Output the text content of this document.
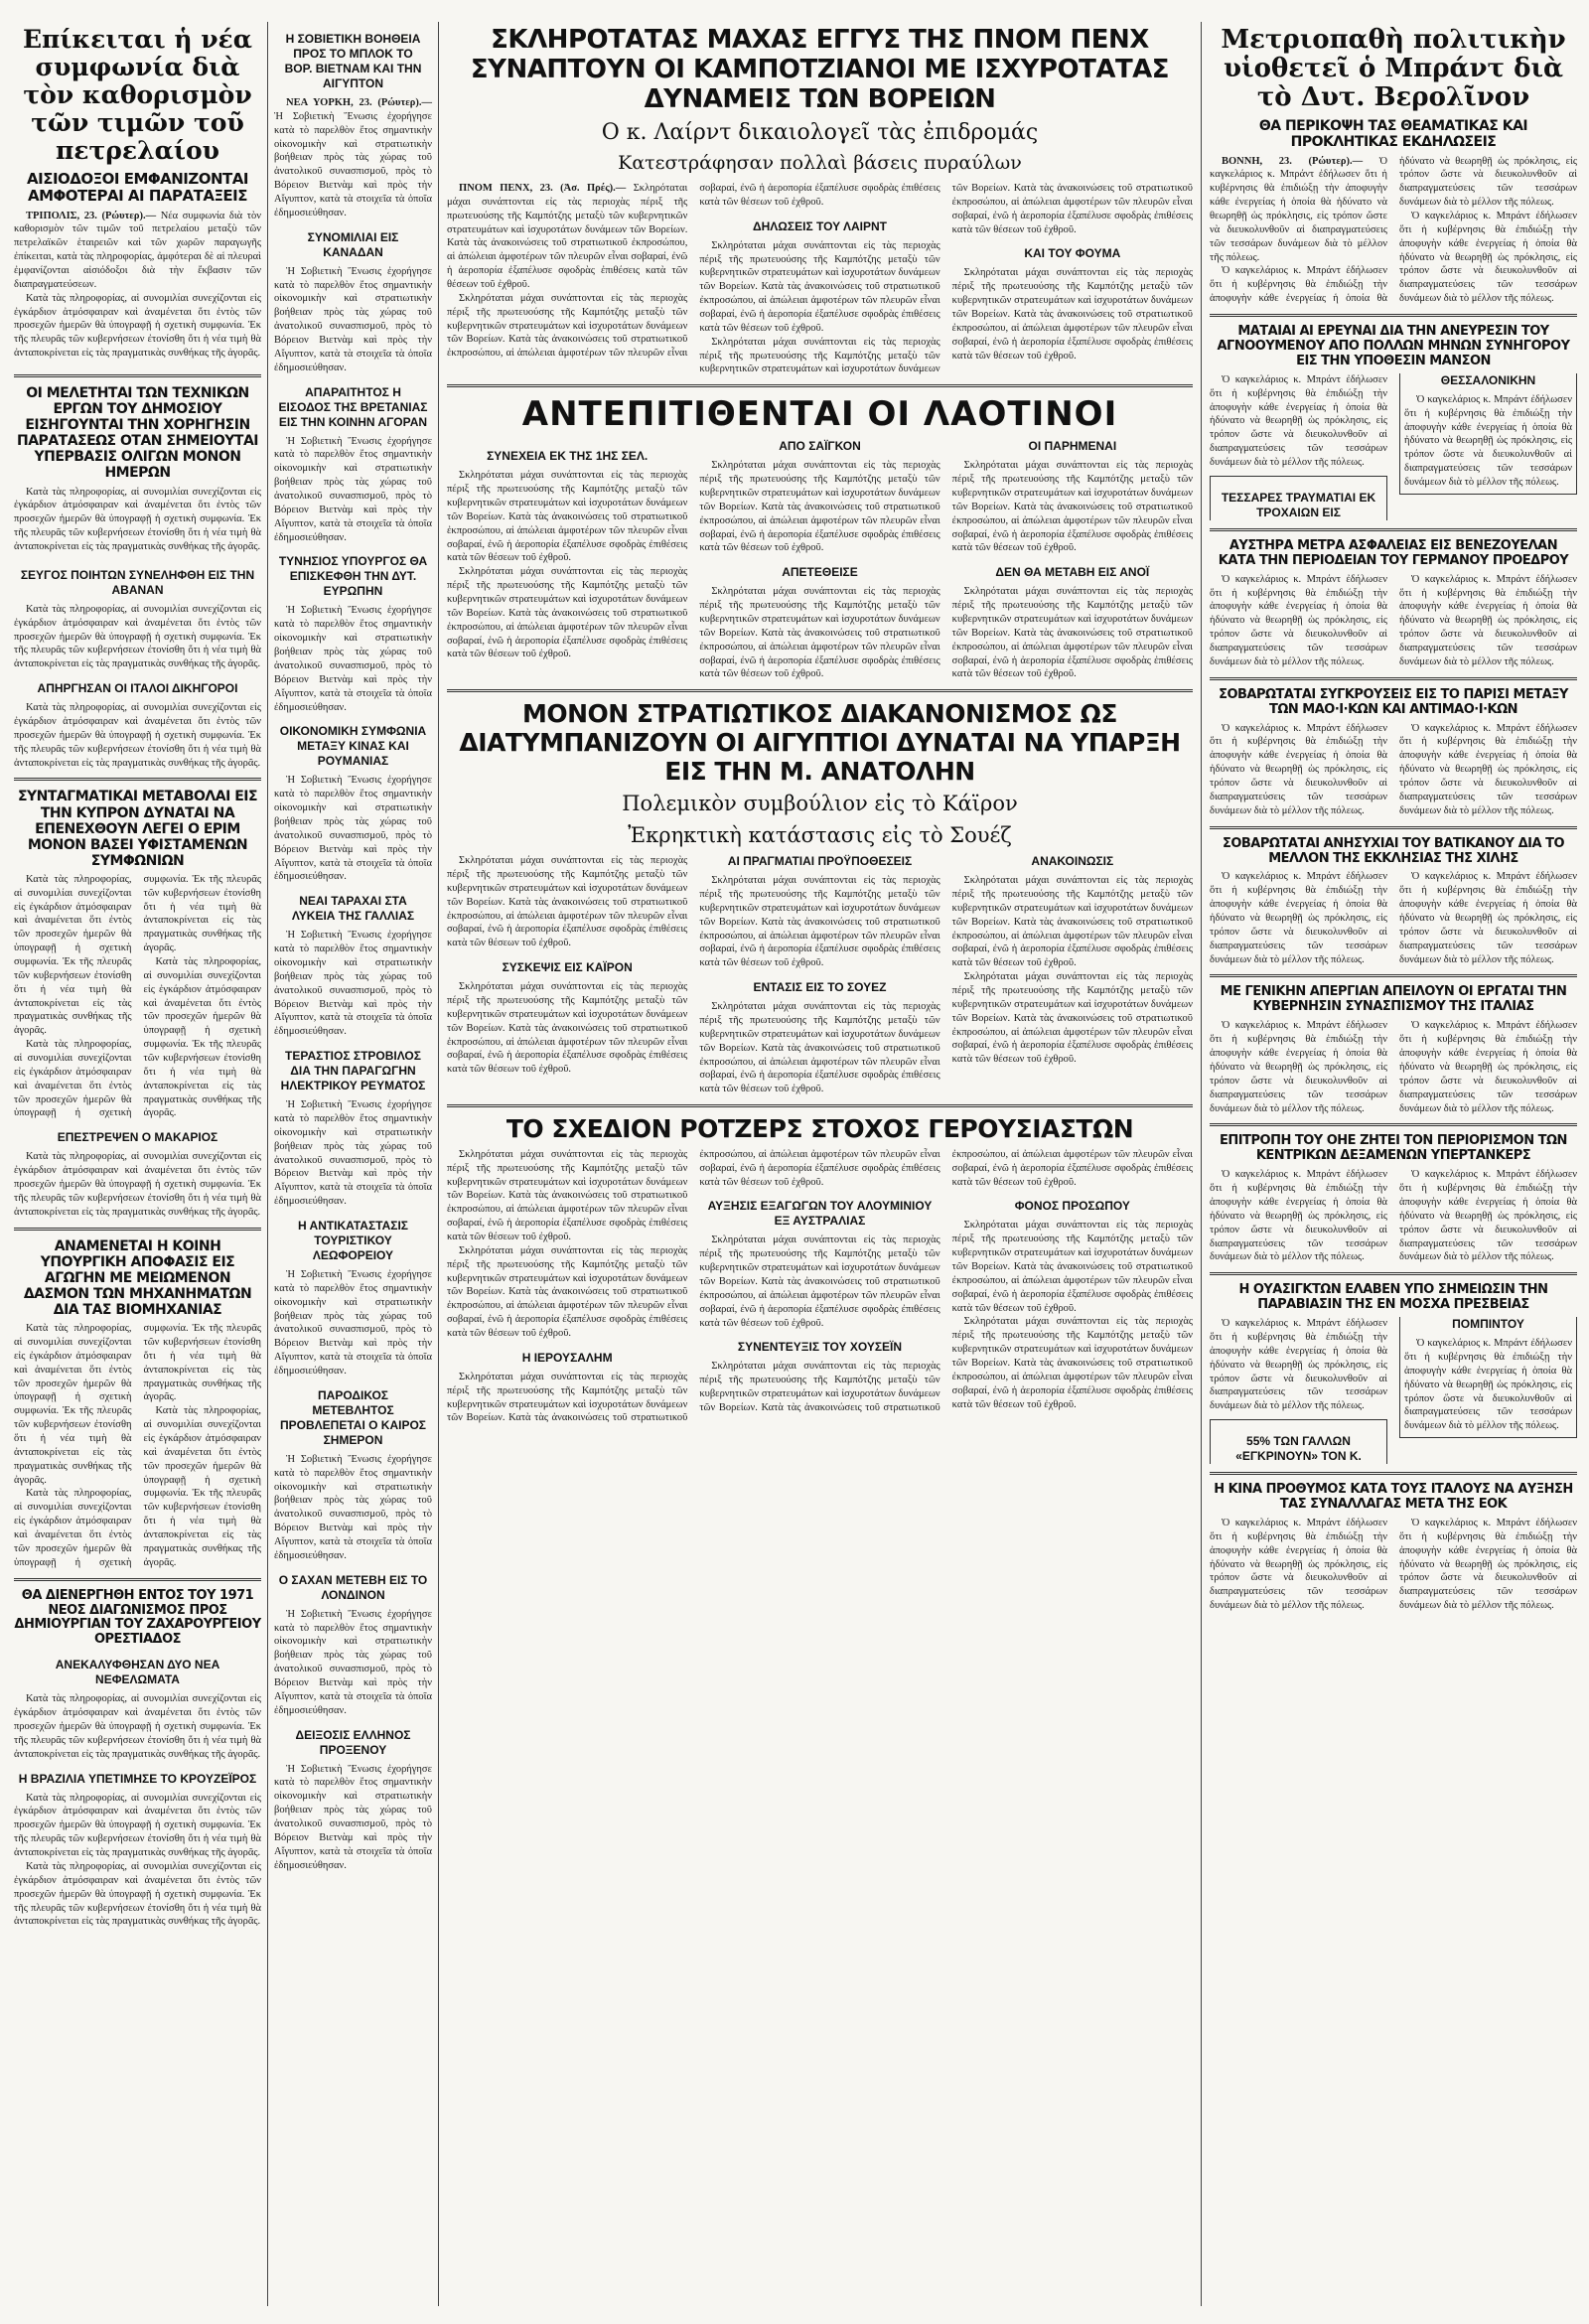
Επίκειται ἡ νέα συμφωνία διὰ τὸν καθορισμὸν τῶν τιμῶν τοῦ πετρελαίου
ΑΙΣΙΟΔΟΞΟΙ ΕΜΦΑΝΙΖΟΝΤΑΙ ΑΜΦΟΤΕΡΑΙ ΑΙ ΠΑΡΑΤΑΞΕΙΣ

ΤΡΙΠΟΛΙΣ, 23. (Ρώυτερ).— Νέα συμφωνία διὰ τὸν καθορισμὸν τῶν τιμῶν τοῦ πετρελαίου μεταξὺ τῶν πετρελαϊκῶν ἑταιρειῶν καὶ τῶν χωρῶν παραγωγῆς ἐπίκειται, κατὰ τὰς πληροφορίας, ἀμφότεραι δὲ αἱ πλευραὶ ἐμφανίζονται αἰσιόδοξοι διὰ τὴν ἔκβασιν τῶν διαπραγματεύσεων.

Κατὰ τὰς πληροφορίας, αἱ συνομιλίαι συνεχίζονται εἰς ἐγκάρδιον ἀτμόσφαιραν καὶ ἀναμένεται ὅτι ἐντὸς τῶν προσεχῶν ἡμερῶν θὰ ὑπογραφῇ ἡ σχετικὴ συμφωνία. Ἐκ τῆς πλευρᾶς τῶν κυβερνήσεων ἐτονίσθη ὅτι ἡ νέα τιμὴ θὰ ἀνταποκρίνεται εἰς τὰς πραγματικὰς συνθήκας τῆς ἀγορᾶς.

ΟΙ ΜΕΛΕΤΗΤΑΙ ΤΩΝ ΤΕΧΝΙΚΩΝ ΕΡΓΩΝ ΤΟΥ ΔΗΜΟΣΙΟΥ ΕΙΣΗΓΟΥΝΤΑΙ ΤΗΝ ΧΟΡΗΓΗΣΙΝ ΠΑΡΑΤΑΣΕΩΣ ΟΤΑΝ ΣΗΜΕΙΟΥΤΑΙ ΥΠΕΡΒΑΣΙΣ ΟΛΙΓΩΝ ΜΟΝΟΝ ΗΜΕΡΩΝ

Κατὰ τὰς πληροφορίας, αἱ συνομιλίαι συνεχίζονται εἰς ἐγκάρδιον ἀτμόσφαιραν καὶ ἀναμένεται ὅτι ἐντὸς τῶν προσεχῶν ἡμερῶν θὰ ὑπογραφῇ ἡ σχετικὴ συμφωνία. Ἐκ τῆς πλευρᾶς τῶν κυβερνήσεων ἐτονίσθη ὅτι ἡ νέα τιμὴ θὰ ἀνταποκρίνεται εἰς τὰς πραγματικὰς συνθήκας τῆς ἀγορᾶς.

ΣΕΥΓΟΣ ΠΟΙΗΤΩΝ ΣΥΝΕΛΗΦΘΗ ΕΙΣ ΤΗΝ ΑΒΑΝΑΝ

Κατὰ τὰς πληροφορίας, αἱ συνομιλίαι συνεχίζονται εἰς ἐγκάρδιον ἀτμόσφαιραν καὶ ἀναμένεται ὅτι ἐντὸς τῶν προσεχῶν ἡμερῶν θὰ ὑπογραφῇ ἡ σχετικὴ συμφωνία. Ἐκ τῆς πλευρᾶς τῶν κυβερνήσεων ἐτονίσθη ὅτι ἡ νέα τιμὴ θὰ ἀνταποκρίνεται εἰς τὰς πραγματικὰς συνθήκας τῆς ἀγορᾶς.

ΑΠΗΡΓΗΣΑΝ ΟΙ ΙΤΑΛΟΙ ΔΙΚΗΓΟΡΟΙ

Κατὰ τὰς πληροφορίας, αἱ συνομιλίαι συνεχίζονται εἰς ἐγκάρδιον ἀτμόσφαιραν καὶ ἀναμένεται ὅτι ἐντὸς τῶν προσεχῶν ἡμερῶν θὰ ὑπογραφῇ ἡ σχετικὴ συμφωνία. Ἐκ τῆς πλευρᾶς τῶν κυβερνήσεων ἐτονίσθη ὅτι ἡ νέα τιμὴ θὰ ἀνταποκρίνεται εἰς τὰς πραγματικὰς συνθήκας τῆς ἀγορᾶς.

ΣΥΝΤΑΓΜΑΤΙΚΑΙ ΜΕΤΑΒΟΛΑΙ ΕΙΣ ΤΗΝ ΚΥΠΡΟΝ ΔΥΝΑΤΑΙ ΝΑ ΕΠΕΝΕΧΘΟΥΝ ΛΕΓΕΙ Ο ΕΡΙΜ ΜΟΝΟΝ ΒΑΣΕΙ ΥΦΙΣΤΑΜΕΝΩΝ ΣΥΜΦΩΝΙΩΝ

Κατὰ τὰς πληροφορίας, αἱ συνομιλίαι συνεχίζονται εἰς ἐγκάρδιον ἀτμόσφαιραν καὶ ἀναμένεται ὅτι ἐντὸς τῶν προσεχῶν ἡμερῶν θὰ ὑπογραφῇ ἡ σχετικὴ συμφωνία. Ἐκ τῆς πλευρᾶς τῶν κυβερνήσεων ἐτονίσθη ὅτι ἡ νέα τιμὴ θὰ ἀνταποκρίνεται εἰς τὰς πραγματικὰς συνθήκας τῆς ἀγορᾶς.

Κατὰ τὰς πληροφορίας, αἱ συνομιλίαι συνεχίζονται εἰς ἐγκάρδιον ἀτμόσφαιραν καὶ ἀναμένεται ὅτι ἐντὸς τῶν προσεχῶν ἡμερῶν θὰ ὑπογραφῇ ἡ σχετικὴ συμφωνία. Ἐκ τῆς πλευρᾶς τῶν κυβερνήσεων ἐτονίσθη ὅτι ἡ νέα τιμὴ θὰ ἀνταποκρίνεται εἰς τὰς πραγματικὰς συνθήκας τῆς ἀγορᾶς.

Κατὰ τὰς πληροφορίας, αἱ συνομιλίαι συνεχίζονται εἰς ἐγκάρδιον ἀτμόσφαιραν καὶ ἀναμένεται ὅτι ἐντὸς τῶν προσεχῶν ἡμερῶν θὰ ὑπογραφῇ ἡ σχετικὴ συμφωνία. Ἐκ τῆς πλευρᾶς τῶν κυβερνήσεων ἐτονίσθη ὅτι ἡ νέα τιμὴ θὰ ἀνταποκρίνεται εἰς τὰς πραγματικὰς συνθήκας τῆς ἀγορᾶς.

ΕΠΕΣΤΡΕΨΕΝ Ο ΜΑΚΑΡΙΟΣ

Κατὰ τὰς πληροφορίας, αἱ συνομιλίαι συνεχίζονται εἰς ἐγκάρδιον ἀτμόσφαιραν καὶ ἀναμένεται ὅτι ἐντὸς τῶν προσεχῶν ἡμερῶν θὰ ὑπογραφῇ ἡ σχετικὴ συμφωνία. Ἐκ τῆς πλευρᾶς τῶν κυβερνήσεων ἐτονίσθη ὅτι ἡ νέα τιμὴ θὰ ἀνταποκρίνεται εἰς τὰς πραγματικὰς συνθήκας τῆς ἀγορᾶς.

ΑΝΑΜΕΝΕΤΑΙ Η ΚΟΙΝΗ ΥΠΟΥΡΓΙΚΗ ΑΠΟΦΑΣΙΣ ΕΙΣ ΑΓΩΓΗΝ ΜΕ ΜΕΙΩΜΕΝΟΝ ΔΑΣΜΟΝ ΤΩΝ ΜΗΧΑΝΗΜΑΤΩΝ ΔΙΑ ΤΑΣ ΒΙΟΜΗΧΑΝΙΑΣ

Κατὰ τὰς πληροφορίας, αἱ συνομιλίαι συνεχίζονται εἰς ἐγκάρδιον ἀτμόσφαιραν καὶ ἀναμένεται ὅτι ἐντὸς τῶν προσεχῶν ἡμερῶν θὰ ὑπογραφῇ ἡ σχετικὴ συμφωνία. Ἐκ τῆς πλευρᾶς τῶν κυβερνήσεων ἐτονίσθη ὅτι ἡ νέα τιμὴ θὰ ἀνταποκρίνεται εἰς τὰς πραγματικὰς συνθήκας τῆς ἀγορᾶς.

Κατὰ τὰς πληροφορίας, αἱ συνομιλίαι συνεχίζονται εἰς ἐγκάρδιον ἀτμόσφαιραν καὶ ἀναμένεται ὅτι ἐντὸς τῶν προσεχῶν ἡμερῶν θὰ ὑπογραφῇ ἡ σχετικὴ συμφωνία. Ἐκ τῆς πλευρᾶς τῶν κυβερνήσεων ἐτονίσθη ὅτι ἡ νέα τιμὴ θὰ ἀνταποκρίνεται εἰς τὰς πραγματικὰς συνθήκας τῆς ἀγορᾶς.

Κατὰ τὰς πληροφορίας, αἱ συνομιλίαι συνεχίζονται εἰς ἐγκάρδιον ἀτμόσφαιραν καὶ ἀναμένεται ὅτι ἐντὸς τῶν προσεχῶν ἡμερῶν θὰ ὑπογραφῇ ἡ σχετικὴ συμφωνία. Ἐκ τῆς πλευρᾶς τῶν κυβερνήσεων ἐτονίσθη ὅτι ἡ νέα τιμὴ θὰ ἀνταποκρίνεται εἰς τὰς πραγματικὰς συνθήκας τῆς ἀγορᾶς.

ΘΑ ΔΙΕΝΕΡΓΗΘΗ ΕΝΤΟΣ ΤΟΥ 1971 ΝΕΟΣ ΔΙΑΓΩΝΙΣΜΟΣ ΠΡΟΣ ΔΗΜΙΟΥΡΓΙΑΝ ΤΟΥ ΖΑΧΑΡΟΥΡΓΕΙΟΥ ΟΡΕΣΤΙΑΔΟΣ
ΑΝΕΚΑΛΥΦΘΗΣΑΝ ΔΥΟ ΝΕΑ ΝΕΦΕΛΩΜΑΤΑ

Κατὰ τὰς πληροφορίας, αἱ συνομιλίαι συνεχίζονται εἰς ἐγκάρδιον ἀτμόσφαιραν καὶ ἀναμένεται ὅτι ἐντὸς τῶν προσεχῶν ἡμερῶν θὰ ὑπογραφῇ ἡ σχετικὴ συμφωνία. Ἐκ τῆς πλευρᾶς τῶν κυβερνήσεων ἐτονίσθη ὅτι ἡ νέα τιμὴ θὰ ἀνταποκρίνεται εἰς τὰς πραγματικὰς συνθήκας τῆς ἀγορᾶς.

Η ΒΡΑΖΙΛΙΑ ΥΠΕΤΙΜΗΣΕ ΤΟ ΚΡΟΥΖΕΪΡΟΣ

Κατὰ τὰς πληροφορίας, αἱ συνομιλίαι συνεχίζονται εἰς ἐγκάρδιον ἀτμόσφαιραν καὶ ἀναμένεται ὅτι ἐντὸς τῶν προσεχῶν ἡμερῶν θὰ ὑπογραφῇ ἡ σχετικὴ συμφωνία. Ἐκ τῆς πλευρᾶς τῶν κυβερνήσεων ἐτονίσθη ὅτι ἡ νέα τιμὴ θὰ ἀνταποκρίνεται εἰς τὰς πραγματικὰς συνθήκας τῆς ἀγορᾶς.

Κατὰ τὰς πληροφορίας, αἱ συνομιλίαι συνεχίζονται εἰς ἐγκάρδιον ἀτμόσφαιραν καὶ ἀναμένεται ὅτι ἐντὸς τῶν προσεχῶν ἡμερῶν θὰ ὑπογραφῇ ἡ σχετικὴ συμφωνία. Ἐκ τῆς πλευρᾶς τῶν κυβερνήσεων ἐτονίσθη ὅτι ἡ νέα τιμὴ θὰ ἀνταποκρίνεται εἰς τὰς πραγματικὰς συνθήκας τῆς ἀγορᾶς.

Η ΣΟΒΙΕΤΙΚΗ ΒΟΗΘΕΙΑ ΠΡΟΣ ΤΟ ΜΠΛΟΚ ΤΟ ΒΟΡ. ΒΙΕΤΝΑΜ ΚΑΙ ΤΗΝ ΑΙΓΥΠΤΟΝ

ΝΕΑ ΥΟΡΚΗ, 23. (Ρώυτερ).— Ἡ Σοβιετικὴ Ἕνωσις ἐχορήγησε κατὰ τὸ παρελθὸν ἔτος σημαντικὴν οἰκονομικὴν καὶ στρατιωτικὴν βοήθειαν πρὸς τὰς χώρας τοῦ ἀνατολικοῦ συνασπισμοῦ, πρὸς τὸ Βόρειον Βιετνὰμ καὶ πρὸς τὴν Αἴγυπτον, κατὰ τὰ στοιχεῖα τὰ ὁποῖα ἐδημοσιεύθησαν.

ΣΥΝΟΜΙΛΙΑΙ ΕΙΣ ΚΑΝΑΔΑΝ

Ἡ Σοβιετικὴ Ἕνωσις ἐχορήγησε κατὰ τὸ παρελθὸν ἔτος σημαντικὴν οἰκονομικὴν καὶ στρατιωτικὴν βοήθειαν πρὸς τὰς χώρας τοῦ ἀνατολικοῦ συνασπισμοῦ, πρὸς τὸ Βόρειον Βιετνὰμ καὶ πρὸς τὴν Αἴγυπτον, κατὰ τὰ στοιχεῖα τὰ ὁποῖα ἐδημοσιεύθησαν.

ΑΠΑΡΑΙΤΗΤΟΣ Η ΕΙΣΟΔΟΣ ΤΗΣ ΒΡΕΤΑΝΙΑΣ ΕΙΣ ΤΗΝ ΚΟΙΝΗΝ ΑΓΟΡΑΝ

Ἡ Σοβιετικὴ Ἕνωσις ἐχορήγησε κατὰ τὸ παρελθὸν ἔτος σημαντικὴν οἰκονομικὴν καὶ στρατιωτικὴν βοήθειαν πρὸς τὰς χώρας τοῦ ἀνατολικοῦ συνασπισμοῦ, πρὸς τὸ Βόρειον Βιετνὰμ καὶ πρὸς τὴν Αἴγυπτον, κατὰ τὰ στοιχεῖα τὰ ὁποῖα ἐδημοσιεύθησαν.

ΤΥΝΗΣΙΟΣ ΥΠΟΥΡΓΟΣ ΘΑ ΕΠΙΣΚΕΦΘΗ ΤΗΝ ΔΥΤ. ΕΥΡΩΠΗΝ

Ἡ Σοβιετικὴ Ἕνωσις ἐχορήγησε κατὰ τὸ παρελθὸν ἔτος σημαντικὴν οἰκονομικὴν καὶ στρατιωτικὴν βοήθειαν πρὸς τὰς χώρας τοῦ ἀνατολικοῦ συνασπισμοῦ, πρὸς τὸ Βόρειον Βιετνὰμ καὶ πρὸς τὴν Αἴγυπτον, κατὰ τὰ στοιχεῖα τὰ ὁποῖα ἐδημοσιεύθησαν.

ΟΙΚΟΝΟΜΙΚΗ ΣΥΜΦΩΝΙΑ ΜΕΤΑΞΥ ΚΙΝΑΣ ΚΑΙ ΡΟΥΜΑΝΙΑΣ

Ἡ Σοβιετικὴ Ἕνωσις ἐχορήγησε κατὰ τὸ παρελθὸν ἔτος σημαντικὴν οἰκονομικὴν καὶ στρατιωτικὴν βοήθειαν πρὸς τὰς χώρας τοῦ ἀνατολικοῦ συνασπισμοῦ, πρὸς τὸ Βόρειον Βιετνὰμ καὶ πρὸς τὴν Αἴγυπτον, κατὰ τὰ στοιχεῖα τὰ ὁποῖα ἐδημοσιεύθησαν.

ΝΕΑΙ ΤΑΡΑΧΑΙ ΣΤΑ ΛΥΚΕΙΑ ΤΗΣ ΓΑΛΛΙΑΣ

Ἡ Σοβιετικὴ Ἕνωσις ἐχορήγησε κατὰ τὸ παρελθὸν ἔτος σημαντικὴν οἰκονομικὴν καὶ στρατιωτικὴν βοήθειαν πρὸς τὰς χώρας τοῦ ἀνατολικοῦ συνασπισμοῦ, πρὸς τὸ Βόρειον Βιετνὰμ καὶ πρὸς τὴν Αἴγυπτον, κατὰ τὰ στοιχεῖα τὰ ὁποῖα ἐδημοσιεύθησαν.

ΤΕΡΑΣΤΙΟΣ ΣΤΡΟΒΙΛΟΣ ΔΙΑ ΤΗΝ ΠΑΡΑΓΩΓΗΝ ΗΛΕΚΤΡΙΚΟΥ ΡΕΥΜΑΤΟΣ

Ἡ Σοβιετικὴ Ἕνωσις ἐχορήγησε κατὰ τὸ παρελθὸν ἔτος σημαντικὴν οἰκονομικὴν καὶ στρατιωτικὴν βοήθειαν πρὸς τὰς χώρας τοῦ ἀνατολικοῦ συνασπισμοῦ, πρὸς τὸ Βόρειον Βιετνὰμ καὶ πρὸς τὴν Αἴγυπτον, κατὰ τὰ στοιχεῖα τὰ ὁποῖα ἐδημοσιεύθησαν.

Η ΑΝΤΙΚΑΤΑΣΤΑΣΙΣ ΤΟΥΡΙΣΤΙΚΟΥ ΛΕΩΦΟΡΕΙΟΥ

Ἡ Σοβιετικὴ Ἕνωσις ἐχορήγησε κατὰ τὸ παρελθὸν ἔτος σημαντικὴν οἰκονομικὴν καὶ στρατιωτικὴν βοήθειαν πρὸς τὰς χώρας τοῦ ἀνατολικοῦ συνασπισμοῦ, πρὸς τὸ Βόρειον Βιετνὰμ καὶ πρὸς τὴν Αἴγυπτον, κατὰ τὰ στοιχεῖα τὰ ὁποῖα ἐδημοσιεύθησαν.

ΠΑΡΟΔΙΚΟΣ ΜΕΤΕΒΛΗΤΟΣ ΠΡΟΒΛΕΠΕΤΑΙ Ο ΚΑΙΡΟΣ ΣΗΜΕΡΟΝ

Ἡ Σοβιετικὴ Ἕνωσις ἐχορήγησε κατὰ τὸ παρελθὸν ἔτος σημαντικὴν οἰκονομικὴν καὶ στρατιωτικὴν βοήθειαν πρὸς τὰς χώρας τοῦ ἀνατολικοῦ συνασπισμοῦ, πρὸς τὸ Βόρειον Βιετνὰμ καὶ πρὸς τὴν Αἴγυπτον, κατὰ τὰ στοιχεῖα τὰ ὁποῖα ἐδημοσιεύθησαν.

Ο ΣΑΧΑΝ ΜΕΤΕΒΗ ΕΙΣ ΤΟ ΛΟΝΔΙΝΟΝ

Ἡ Σοβιετικὴ Ἕνωσις ἐχορήγησε κατὰ τὸ παρελθὸν ἔτος σημαντικὴν οἰκονομικὴν καὶ στρατιωτικὴν βοήθειαν πρὸς τὰς χώρας τοῦ ἀνατολικοῦ συνασπισμοῦ, πρὸς τὸ Βόρειον Βιετνὰμ καὶ πρὸς τὴν Αἴγυπτον, κατὰ τὰ στοιχεῖα τὰ ὁποῖα ἐδημοσιεύθησαν.

ΔΕΙΞΟΣΙΣ ΕΛΛΗΝΟΣ ΠΡΟΞΕΝΟΥ

Ἡ Σοβιετικὴ Ἕνωσις ἐχορήγησε κατὰ τὸ παρελθὸν ἔτος σημαντικὴν οἰκονομικὴν καὶ στρατιωτικὴν βοήθειαν πρὸς τὰς χώρας τοῦ ἀνατολικοῦ συνασπισμοῦ, πρὸς τὸ Βόρειον Βιετνὰμ καὶ πρὸς τὴν Αἴγυπτον, κατὰ τὰ στοιχεῖα τὰ ὁποῖα ἐδημοσιεύθησαν.

ΣΚΛΗΡΟΤΑΤΑΣ ΜΑΧΑΣ ΕΓΓΥΣ ΤΗΣ ΠΝΟΜ ΠΕΝΧ ΣΥΝΑΠΤΟΥΝ ΟΙ ΚΑΜΠΟΤΖΙΑΝΟΙ ΜΕ ΙΣΧΥΡΟΤΑΤΑΣ ΔΥΝΑΜΕΙΣ ΤΩΝ ΒΟΡΕΙΩΝ
Ο κ. Λαίρντ δικαιολογεῖ τὰς ἐπιδρομάς
Κατεστράφησαν πολλαὶ βάσεις πυραύλων

ΠΝΟΜ ΠΕΝΧ, 23. (Ἀσ. Πρές).— Σκληρόταται μάχαι συνάπτονται εἰς τὰς περιοχὰς πέριξ τῆς πρωτευούσης τῆς Καμπότζης μεταξὺ τῶν κυβερνητικῶν στρατευμάτων καὶ ἰσχυροτάτων δυνάμεων τῶν Βορείων. Κατὰ τὰς ἀνακοινώσεις τοῦ στρατιωτικοῦ ἐκπροσώπου, αἱ ἀπώλειαι ἀμφοτέρων τῶν πλευρῶν εἶναι σοβαραί, ἐνῶ ἡ ἀεροπορία ἐξαπέλυσε σφοδρὰς ἐπιθέσεις κατὰ τῶν θέσεων τοῦ ἐχθροῦ.

Σκληρόταται μάχαι συνάπτονται εἰς τὰς περιοχὰς πέριξ τῆς πρωτευούσης τῆς Καμπότζης μεταξὺ τῶν κυβερνητικῶν στρατευμάτων καὶ ἰσχυροτάτων δυνάμεων τῶν Βορείων. Κατὰ τὰς ἀνακοινώσεις τοῦ στρατιωτικοῦ ἐκπροσώπου, αἱ ἀπώλειαι ἀμφοτέρων τῶν πλευρῶν εἶναι σοβαραί, ἐνῶ ἡ ἀεροπορία ἐξαπέλυσε σφοδρὰς ἐπιθέσεις κατὰ τῶν θέσεων τοῦ ἐχθροῦ.

ΔΗΛΩΣΕΙΣ ΤΟΥ ΛΑΙΡΝΤ

Σκληρόταται μάχαι συνάπτονται εἰς τὰς περιοχὰς πέριξ τῆς πρωτευούσης τῆς Καμπότζης μεταξὺ τῶν κυβερνητικῶν στρατευμάτων καὶ ἰσχυροτάτων δυνάμεων τῶν Βορείων. Κατὰ τὰς ἀνακοινώσεις τοῦ στρατιωτικοῦ ἐκπροσώπου, αἱ ἀπώλειαι ἀμφοτέρων τῶν πλευρῶν εἶναι σοβαραί, ἐνῶ ἡ ἀεροπορία ἐξαπέλυσε σφοδρὰς ἐπιθέσεις κατὰ τῶν θέσεων τοῦ ἐχθροῦ.

Σκληρόταται μάχαι συνάπτονται εἰς τὰς περιοχὰς πέριξ τῆς πρωτευούσης τῆς Καμπότζης μεταξὺ τῶν κυβερνητικῶν στρατευμάτων καὶ ἰσχυροτάτων δυνάμεων τῶν Βορείων. Κατὰ τὰς ἀνακοινώσεις τοῦ στρατιωτικοῦ ἐκπροσώπου, αἱ ἀπώλειαι ἀμφοτέρων τῶν πλευρῶν εἶναι σοβαραί, ἐνῶ ἡ ἀεροπορία ἐξαπέλυσε σφοδρὰς ἐπιθέσεις κατὰ τῶν θέσεων τοῦ ἐχθροῦ.

ΚΑΙ ΤΟΥ ΦΟΥΜΑ

Σκληρόταται μάχαι συνάπτονται εἰς τὰς περιοχὰς πέριξ τῆς πρωτευούσης τῆς Καμπότζης μεταξὺ τῶν κυβερνητικῶν στρατευμάτων καὶ ἰσχυροτάτων δυνάμεων τῶν Βορείων. Κατὰ τὰς ἀνακοινώσεις τοῦ στρατιωτικοῦ ἐκπροσώπου, αἱ ἀπώλειαι ἀμφοτέρων τῶν πλευρῶν εἶναι σοβαραί, ἐνῶ ἡ ἀεροπορία ἐξαπέλυσε σφοδρὰς ἐπιθέσεις κατὰ τῶν θέσεων τοῦ ἐχθροῦ.

ΑΝΤΕΠΙΤΙΘΕΝΤΑΙ ΟΙ ΛΑΟΤΙΝΟΙ
ΣΥΝΕΧΕΙΑ ΕΚ ΤΗΣ 1ΗΣ ΣΕΛ.

Σκληρόταται μάχαι συνάπτονται εἰς τὰς περιοχὰς πέριξ τῆς πρωτευούσης τῆς Καμπότζης μεταξὺ τῶν κυβερνητικῶν στρατευμάτων καὶ ἰσχυροτάτων δυνάμεων τῶν Βορείων. Κατὰ τὰς ἀνακοινώσεις τοῦ στρατιωτικοῦ ἐκπροσώπου, αἱ ἀπώλειαι ἀμφοτέρων τῶν πλευρῶν εἶναι σοβαραί, ἐνῶ ἡ ἀεροπορία ἐξαπέλυσε σφοδρὰς ἐπιθέσεις κατὰ τῶν θέσεων τοῦ ἐχθροῦ.

Σκληρόταται μάχαι συνάπτονται εἰς τὰς περιοχὰς πέριξ τῆς πρωτευούσης τῆς Καμπότζης μεταξὺ τῶν κυβερνητικῶν στρατευμάτων καὶ ἰσχυροτάτων δυνάμεων τῶν Βορείων. Κατὰ τὰς ἀνακοινώσεις τοῦ στρατιωτικοῦ ἐκπροσώπου, αἱ ἀπώλειαι ἀμφοτέρων τῶν πλευρῶν εἶναι σοβαραί, ἐνῶ ἡ ἀεροπορία ἐξαπέλυσε σφοδρὰς ἐπιθέσεις κατὰ τῶν θέσεων τοῦ ἐχθροῦ.

ΑΠΟ ΣΑΪΓΚΟΝ

Σκληρόταται μάχαι συνάπτονται εἰς τὰς περιοχὰς πέριξ τῆς πρωτευούσης τῆς Καμπότζης μεταξὺ τῶν κυβερνητικῶν στρατευμάτων καὶ ἰσχυροτάτων δυνάμεων τῶν Βορείων. Κατὰ τὰς ἀνακοινώσεις τοῦ στρατιωτικοῦ ἐκπροσώπου, αἱ ἀπώλειαι ἀμφοτέρων τῶν πλευρῶν εἶναι σοβαραί, ἐνῶ ἡ ἀεροπορία ἐξαπέλυσε σφοδρὰς ἐπιθέσεις κατὰ τῶν θέσεων τοῦ ἐχθροῦ.

ΑΠΕΤΕΘΕΙΣΕ

Σκληρόταται μάχαι συνάπτονται εἰς τὰς περιοχὰς πέριξ τῆς πρωτευούσης τῆς Καμπότζης μεταξὺ τῶν κυβερνητικῶν στρατευμάτων καὶ ἰσχυροτάτων δυνάμεων τῶν Βορείων. Κατὰ τὰς ἀνακοινώσεις τοῦ στρατιωτικοῦ ἐκπροσώπου, αἱ ἀπώλειαι ἀμφοτέρων τῶν πλευρῶν εἶναι σοβαραί, ἐνῶ ἡ ἀεροπορία ἐξαπέλυσε σφοδρὰς ἐπιθέσεις κατὰ τῶν θέσεων τοῦ ἐχθροῦ.

ΟΙ ΠΑΡΗΜΕΝΑΙ

Σκληρόταται μάχαι συνάπτονται εἰς τὰς περιοχὰς πέριξ τῆς πρωτευούσης τῆς Καμπότζης μεταξὺ τῶν κυβερνητικῶν στρατευμάτων καὶ ἰσχυροτάτων δυνάμεων τῶν Βορείων. Κατὰ τὰς ἀνακοινώσεις τοῦ στρατιωτικοῦ ἐκπροσώπου, αἱ ἀπώλειαι ἀμφοτέρων τῶν πλευρῶν εἶναι σοβαραί, ἐνῶ ἡ ἀεροπορία ἐξαπέλυσε σφοδρὰς ἐπιθέσεις κατὰ τῶν θέσεων τοῦ ἐχθροῦ.

ΔΕΝ ΘΑ ΜΕΤΑΒΗ ΕΙΣ ΑΝΟΪ

Σκληρόταται μάχαι συνάπτονται εἰς τὰς περιοχὰς πέριξ τῆς πρωτευούσης τῆς Καμπότζης μεταξὺ τῶν κυβερνητικῶν στρατευμάτων καὶ ἰσχυροτάτων δυνάμεων τῶν Βορείων. Κατὰ τὰς ἀνακοινώσεις τοῦ στρατιωτικοῦ ἐκπροσώπου, αἱ ἀπώλειαι ἀμφοτέρων τῶν πλευρῶν εἶναι σοβαραί, ἐνῶ ἡ ἀεροπορία ἐξαπέλυσε σφοδρὰς ἐπιθέσεις κατὰ τῶν θέσεων τοῦ ἐχθροῦ.

ΜΟΝΟΝ ΣΤΡΑΤΙΩΤΙΚΟΣ ΔΙΑΚΑΝΟΝΙΣΜΟΣ ΩΣ ΔΙΑΤΥΜΠΑΝΙΖΟΥΝ ΟΙ ΑΙΓΥΠΤΙΟΙ ΔΥΝΑΤΑΙ ΝΑ ΥΠΑΡΞΗ ΕΙΣ ΤΗΝ Μ. ΑΝΑΤΟΛΗΝ
Πολεμικὸν συμβούλιον εἰς τὸ Κάϊρον
Ἐκρηκτικὴ κατάστασις εἰς τὸ Σουέζ

Σκληρόταται μάχαι συνάπτονται εἰς τὰς περιοχὰς πέριξ τῆς πρωτευούσης τῆς Καμπότζης μεταξὺ τῶν κυβερνητικῶν στρατευμάτων καὶ ἰσχυροτάτων δυνάμεων τῶν Βορείων. Κατὰ τὰς ἀνακοινώσεις τοῦ στρατιωτικοῦ ἐκπροσώπου, αἱ ἀπώλειαι ἀμφοτέρων τῶν πλευρῶν εἶναι σοβαραί, ἐνῶ ἡ ἀεροπορία ἐξαπέλυσε σφοδρὰς ἐπιθέσεις κατὰ τῶν θέσεων τοῦ ἐχθροῦ.

ΣΥΣΚΕΨΙΣ ΕΙΣ ΚΑΪΡΟΝ

Σκληρόταται μάχαι συνάπτονται εἰς τὰς περιοχὰς πέριξ τῆς πρωτευούσης τῆς Καμπότζης μεταξὺ τῶν κυβερνητικῶν στρατευμάτων καὶ ἰσχυροτάτων δυνάμεων τῶν Βορείων. Κατὰ τὰς ἀνακοινώσεις τοῦ στρατιωτικοῦ ἐκπροσώπου, αἱ ἀπώλειαι ἀμφοτέρων τῶν πλευρῶν εἶναι σοβαραί, ἐνῶ ἡ ἀεροπορία ἐξαπέλυσε σφοδρὰς ἐπιθέσεις κατὰ τῶν θέσεων τοῦ ἐχθροῦ.

ΑΙ ΠΡΑΓΜΑΤΙΑΙ ΠΡΟΫΠΟΘΕΣΕΙΣ

Σκληρόταται μάχαι συνάπτονται εἰς τὰς περιοχὰς πέριξ τῆς πρωτευούσης τῆς Καμπότζης μεταξὺ τῶν κυβερνητικῶν στρατευμάτων καὶ ἰσχυροτάτων δυνάμεων τῶν Βορείων. Κατὰ τὰς ἀνακοινώσεις τοῦ στρατιωτικοῦ ἐκπροσώπου, αἱ ἀπώλειαι ἀμφοτέρων τῶν πλευρῶν εἶναι σοβαραί, ἐνῶ ἡ ἀεροπορία ἐξαπέλυσε σφοδρὰς ἐπιθέσεις κατὰ τῶν θέσεων τοῦ ἐχθροῦ.

ΕΝΤΑΣΙΣ ΕΙΣ ΤΟ ΣΟΥΕΖ

Σκληρόταται μάχαι συνάπτονται εἰς τὰς περιοχὰς πέριξ τῆς πρωτευούσης τῆς Καμπότζης μεταξὺ τῶν κυβερνητικῶν στρατευμάτων καὶ ἰσχυροτάτων δυνάμεων τῶν Βορείων. Κατὰ τὰς ἀνακοινώσεις τοῦ στρατιωτικοῦ ἐκπροσώπου, αἱ ἀπώλειαι ἀμφοτέρων τῶν πλευρῶν εἶναι σοβαραί, ἐνῶ ἡ ἀεροπορία ἐξαπέλυσε σφοδρὰς ἐπιθέσεις κατὰ τῶν θέσεων τοῦ ἐχθροῦ.

ΑΝΑΚΟΙΝΩΣΙΣ

Σκληρόταται μάχαι συνάπτονται εἰς τὰς περιοχὰς πέριξ τῆς πρωτευούσης τῆς Καμπότζης μεταξὺ τῶν κυβερνητικῶν στρατευμάτων καὶ ἰσχυροτάτων δυνάμεων τῶν Βορείων. Κατὰ τὰς ἀνακοινώσεις τοῦ στρατιωτικοῦ ἐκπροσώπου, αἱ ἀπώλειαι ἀμφοτέρων τῶν πλευρῶν εἶναι σοβαραί, ἐνῶ ἡ ἀεροπορία ἐξαπέλυσε σφοδρὰς ἐπιθέσεις κατὰ τῶν θέσεων τοῦ ἐχθροῦ.

Σκληρόταται μάχαι συνάπτονται εἰς τὰς περιοχὰς πέριξ τῆς πρωτευούσης τῆς Καμπότζης μεταξὺ τῶν κυβερνητικῶν στρατευμάτων καὶ ἰσχυροτάτων δυνάμεων τῶν Βορείων. Κατὰ τὰς ἀνακοινώσεις τοῦ στρατιωτικοῦ ἐκπροσώπου, αἱ ἀπώλειαι ἀμφοτέρων τῶν πλευρῶν εἶναι σοβαραί, ἐνῶ ἡ ἀεροπορία ἐξαπέλυσε σφοδρὰς ἐπιθέσεις κατὰ τῶν θέσεων τοῦ ἐχθροῦ.

ΤΟ ΣΧΕΔΙΟΝ ΡΟΤΖΕΡΣ ΣΤΟΧΟΣ ΓΕΡΟΥΣΙΑΣΤΩΝ

Σκληρόταται μάχαι συνάπτονται εἰς τὰς περιοχὰς πέριξ τῆς πρωτευούσης τῆς Καμπότζης μεταξὺ τῶν κυβερνητικῶν στρατευμάτων καὶ ἰσχυροτάτων δυνάμεων τῶν Βορείων. Κατὰ τὰς ἀνακοινώσεις τοῦ στρατιωτικοῦ ἐκπροσώπου, αἱ ἀπώλειαι ἀμφοτέρων τῶν πλευρῶν εἶναι σοβαραί, ἐνῶ ἡ ἀεροπορία ἐξαπέλυσε σφοδρὰς ἐπιθέσεις κατὰ τῶν θέσεων τοῦ ἐχθροῦ.

Σκληρόταται μάχαι συνάπτονται εἰς τὰς περιοχὰς πέριξ τῆς πρωτευούσης τῆς Καμπότζης μεταξὺ τῶν κυβερνητικῶν στρατευμάτων καὶ ἰσχυροτάτων δυνάμεων τῶν Βορείων. Κατὰ τὰς ἀνακοινώσεις τοῦ στρατιωτικοῦ ἐκπροσώπου, αἱ ἀπώλειαι ἀμφοτέρων τῶν πλευρῶν εἶναι σοβαραί, ἐνῶ ἡ ἀεροπορία ἐξαπέλυσε σφοδρὰς ἐπιθέσεις κατὰ τῶν θέσεων τοῦ ἐχθροῦ.

Η ΙΕΡΟΥΣΑΛΗΜ

Σκληρόταται μάχαι συνάπτονται εἰς τὰς περιοχὰς πέριξ τῆς πρωτευούσης τῆς Καμπότζης μεταξὺ τῶν κυβερνητικῶν στρατευμάτων καὶ ἰσχυροτάτων δυνάμεων τῶν Βορείων. Κατὰ τὰς ἀνακοινώσεις τοῦ στρατιωτικοῦ ἐκπροσώπου, αἱ ἀπώλειαι ἀμφοτέρων τῶν πλευρῶν εἶναι σοβαραί, ἐνῶ ἡ ἀεροπορία ἐξαπέλυσε σφοδρὰς ἐπιθέσεις κατὰ τῶν θέσεων τοῦ ἐχθροῦ.

ΑΥΞΗΣΙΣ ΕΞΑΓΩΓΩΝ ΤΟΥ ΑΛΟΥΜΙΝΙΟΥ ΕΞ ΑΥΣΤΡΑΛΙΑΣ

Σκληρόταται μάχαι συνάπτονται εἰς τὰς περιοχὰς πέριξ τῆς πρωτευούσης τῆς Καμπότζης μεταξὺ τῶν κυβερνητικῶν στρατευμάτων καὶ ἰσχυροτάτων δυνάμεων τῶν Βορείων. Κατὰ τὰς ἀνακοινώσεις τοῦ στρατιωτικοῦ ἐκπροσώπου, αἱ ἀπώλειαι ἀμφοτέρων τῶν πλευρῶν εἶναι σοβαραί, ἐνῶ ἡ ἀεροπορία ἐξαπέλυσε σφοδρὰς ἐπιθέσεις κατὰ τῶν θέσεων τοῦ ἐχθροῦ.

ΣΥΝΕΝΤΕΥΞΙΣ ΤΟΥ ΧΟΥΣΕΪΝ

Σκληρόταται μάχαι συνάπτονται εἰς τὰς περιοχὰς πέριξ τῆς πρωτευούσης τῆς Καμπότζης μεταξὺ τῶν κυβερνητικῶν στρατευμάτων καὶ ἰσχυροτάτων δυνάμεων τῶν Βορείων. Κατὰ τὰς ἀνακοινώσεις τοῦ στρατιωτικοῦ ἐκπροσώπου, αἱ ἀπώλειαι ἀμφοτέρων τῶν πλευρῶν εἶναι σοβαραί, ἐνῶ ἡ ἀεροπορία ἐξαπέλυσε σφοδρὰς ἐπιθέσεις κατὰ τῶν θέσεων τοῦ ἐχθροῦ.

ΦΟΝΟΣ ΠΡΟΣΩΠΟΥ

Σκληρόταται μάχαι συνάπτονται εἰς τὰς περιοχὰς πέριξ τῆς πρωτευούσης τῆς Καμπότζης μεταξὺ τῶν κυβερνητικῶν στρατευμάτων καὶ ἰσχυροτάτων δυνάμεων τῶν Βορείων. Κατὰ τὰς ἀνακοινώσεις τοῦ στρατιωτικοῦ ἐκπροσώπου, αἱ ἀπώλειαι ἀμφοτέρων τῶν πλευρῶν εἶναι σοβαραί, ἐνῶ ἡ ἀεροπορία ἐξαπέλυσε σφοδρὰς ἐπιθέσεις κατὰ τῶν θέσεων τοῦ ἐχθροῦ.

Σκληρόταται μάχαι συνάπτονται εἰς τὰς περιοχὰς πέριξ τῆς πρωτευούσης τῆς Καμπότζης μεταξὺ τῶν κυβερνητικῶν στρατευμάτων καὶ ἰσχυροτάτων δυνάμεων τῶν Βορείων. Κατὰ τὰς ἀνακοινώσεις τοῦ στρατιωτικοῦ ἐκπροσώπου, αἱ ἀπώλειαι ἀμφοτέρων τῶν πλευρῶν εἶναι σοβαραί, ἐνῶ ἡ ἀεροπορία ἐξαπέλυσε σφοδρὰς ἐπιθέσεις κατὰ τῶν θέσεων τοῦ ἐχθροῦ.

Μετριοπαθὴ πολιτικὴν υἱοθετεῖ ὁ Μπράντ διὰ τὸ Δυτ. Βερολῖνον
ΘΑ ΠΕΡΙΚΟΨΗ ΤΑΣ ΘΕΑΜΑΤΙΚΑΣ ΚΑΙ ΠΡΟΚΛΗΤΙΚΑΣ ΕΚΔΗΛΩΣΕΙΣ

ΒΟΝΝΗ, 23. (Ρώυτερ).— Ὁ καγκελάριος κ. Μπράντ ἐδήλωσεν ὅτι ἡ κυβέρνησις θὰ ἐπιδιώξῃ τὴν ἀποφυγὴν κάθε ἐνεργείας ἡ ὁποία θὰ ἠδύνατο νὰ θεωρηθῇ ὡς πρόκλησις, εἰς τρόπον ὥστε νὰ διευκολυνθοῦν αἱ διαπραγματεύσεις τῶν τεσσάρων δυνάμεων διὰ τὸ μέλλον τῆς πόλεως.

Ὁ καγκελάριος κ. Μπράντ ἐδήλωσεν ὅτι ἡ κυβέρνησις θὰ ἐπιδιώξῃ τὴν ἀποφυγὴν κάθε ἐνεργείας ἡ ὁποία θὰ ἠδύνατο νὰ θεωρηθῇ ὡς πρόκλησις, εἰς τρόπον ὥστε νὰ διευκολυνθοῦν αἱ διαπραγματεύσεις τῶν τεσσάρων δυνάμεων διὰ τὸ μέλλον τῆς πόλεως.

Ὁ καγκελάριος κ. Μπράντ ἐδήλωσεν ὅτι ἡ κυβέρνησις θὰ ἐπιδιώξῃ τὴν ἀποφυγὴν κάθε ἐνεργείας ἡ ὁποία θὰ ἠδύνατο νὰ θεωρηθῇ ὡς πρόκλησις, εἰς τρόπον ὥστε νὰ διευκολυνθοῦν αἱ διαπραγματεύσεις τῶν τεσσάρων δυνάμεων διὰ τὸ μέλλον τῆς πόλεως.

ΜΑΤΑΙΑΙ ΑΙ ΕΡΕΥΝΑΙ ΔΙΑ ΤΗΝ ΑΝΕΥΡΕΣΙΝ ΤΟΥ ΑΓΝΟΟΥΜΕΝΟΥ ΑΠΟ ΠΟΛΛΩΝ ΜΗΝΩΝ ΣΥΝΗΓΟΡΟΥ ΕΙΣ ΤΗΝ ΥΠΟΘΕΣΙΝ ΜΑΝΣΟΝ

Ὁ καγκελάριος κ. Μπράντ ἐδήλωσεν ὅτι ἡ κυβέρνησις θὰ ἐπιδιώξῃ τὴν ἀποφυγὴν κάθε ἐνεργείας ἡ ὁποία θὰ ἠδύνατο νὰ θεωρηθῇ ὡς πρόκλησις, εἰς τρόπον ὥστε νὰ διευκολυνθοῦν αἱ διαπραγματεύσεις τῶν τεσσάρων δυνάμεων διὰ τὸ μέλλον τῆς πόλεως.

ΤΕΣΣΑΡΕΣ ΤΡΑΥΜΑΤΙΑΙ ΕΚ ΤΡΟΧΑΙΩΝ ΕΙΣ ΘΕΣΣΑΛΟΝΙΚΗΝ

Ὁ καγκελάριος κ. Μπράντ ἐδήλωσεν ὅτι ἡ κυβέρνησις θὰ ἐπιδιώξῃ τὴν ἀποφυγὴν κάθε ἐνεργείας ἡ ὁποία θὰ ἠδύνατο νὰ θεωρηθῇ ὡς πρόκλησις, εἰς τρόπον ὥστε νὰ διευκολυνθοῦν αἱ διαπραγματεύσεις τῶν τεσσάρων δυνάμεων διὰ τὸ μέλλον τῆς πόλεως.

ΑΥΣΤΗΡΑ ΜΕΤΡΑ ΑΣΦΑΛΕΙΑΣ ΕΙΣ ΒΕΝΕΖΟΥΕΛΑΝ ΚΑΤΑ ΤΗΝ ΠΕΡΙΟΔΕΙΑΝ ΤΟΥ ΓΕΡΜΑΝΟΥ ΠΡΟΕΔΡΟΥ

Ὁ καγκελάριος κ. Μπράντ ἐδήλωσεν ὅτι ἡ κυβέρνησις θὰ ἐπιδιώξῃ τὴν ἀποφυγὴν κάθε ἐνεργείας ἡ ὁποία θὰ ἠδύνατο νὰ θεωρηθῇ ὡς πρόκλησις, εἰς τρόπον ὥστε νὰ διευκολυνθοῦν αἱ διαπραγματεύσεις τῶν τεσσάρων δυνάμεων διὰ τὸ μέλλον τῆς πόλεως.

Ὁ καγκελάριος κ. Μπράντ ἐδήλωσεν ὅτι ἡ κυβέρνησις θὰ ἐπιδιώξῃ τὴν ἀποφυγὴν κάθε ἐνεργείας ἡ ὁποία θὰ ἠδύνατο νὰ θεωρηθῇ ὡς πρόκλησις, εἰς τρόπον ὥστε νὰ διευκολυνθοῦν αἱ διαπραγματεύσεις τῶν τεσσάρων δυνάμεων διὰ τὸ μέλλον τῆς πόλεως.

ΣΟΒΑΡΩΤΑΤΑΙ ΣΥΓΚΡΟΥΣΕΙΣ ΕΙΣ ΤΟ ΠΑΡΙΣΙ ΜΕΤΑΞΥ ΤΩΝ ΜΑΟ·Ι·ΚΩΝ ΚΑΙ ΑΝΤΙΜΑΟ·Ι·ΚΩΝ

Ὁ καγκελάριος κ. Μπράντ ἐδήλωσεν ὅτι ἡ κυβέρνησις θὰ ἐπιδιώξῃ τὴν ἀποφυγὴν κάθε ἐνεργείας ἡ ὁποία θὰ ἠδύνατο νὰ θεωρηθῇ ὡς πρόκλησις, εἰς τρόπον ὥστε νὰ διευκολυνθοῦν αἱ διαπραγματεύσεις τῶν τεσσάρων δυνάμεων διὰ τὸ μέλλον τῆς πόλεως.

Ὁ καγκελάριος κ. Μπράντ ἐδήλωσεν ὅτι ἡ κυβέρνησις θὰ ἐπιδιώξῃ τὴν ἀποφυγὴν κάθε ἐνεργείας ἡ ὁποία θὰ ἠδύνατο νὰ θεωρηθῇ ὡς πρόκλησις, εἰς τρόπον ὥστε νὰ διευκολυνθοῦν αἱ διαπραγματεύσεις τῶν τεσσάρων δυνάμεων διὰ τὸ μέλλον τῆς πόλεως.

ΣΟΒΑΡΩΤΑΤΑΙ ΑΝΗΣΥΧΙΑΙ ΤΟΥ ΒΑΤΙΚΑΝΟΥ ΔΙΑ ΤΟ ΜΕΛΛΟΝ ΤΗΣ ΕΚΚΛΗΣΙΑΣ ΤΗΣ ΧΙΛΗΣ

Ὁ καγκελάριος κ. Μπράντ ἐδήλωσεν ὅτι ἡ κυβέρνησις θὰ ἐπιδιώξῃ τὴν ἀποφυγὴν κάθε ἐνεργείας ἡ ὁποία θὰ ἠδύνατο νὰ θεωρηθῇ ὡς πρόκλησις, εἰς τρόπον ὥστε νὰ διευκολυνθοῦν αἱ διαπραγματεύσεις τῶν τεσσάρων δυνάμεων διὰ τὸ μέλλον τῆς πόλεως.

Ὁ καγκελάριος κ. Μπράντ ἐδήλωσεν ὅτι ἡ κυβέρνησις θὰ ἐπιδιώξῃ τὴν ἀποφυγὴν κάθε ἐνεργείας ἡ ὁποία θὰ ἠδύνατο νὰ θεωρηθῇ ὡς πρόκλησις, εἰς τρόπον ὥστε νὰ διευκολυνθοῦν αἱ διαπραγματεύσεις τῶν τεσσάρων δυνάμεων διὰ τὸ μέλλον τῆς πόλεως.

ΜΕ ΓΕΝΙΚΗΝ ΑΠΕΡΓΙΑΝ ΑΠΕΙΛΟΥΝ ΟΙ ΕΡΓΑΤΑΙ ΤΗΝ ΚΥΒΕΡΝΗΣΙΝ ΣΥΝΑΣΠΙΣΜΟΥ ΤΗΣ ΙΤΑΛΙΑΣ

Ὁ καγκελάριος κ. Μπράντ ἐδήλωσεν ὅτι ἡ κυβέρνησις θὰ ἐπιδιώξῃ τὴν ἀποφυγὴν κάθε ἐνεργείας ἡ ὁποία θὰ ἠδύνατο νὰ θεωρηθῇ ὡς πρόκλησις, εἰς τρόπον ὥστε νὰ διευκολυνθοῦν αἱ διαπραγματεύσεις τῶν τεσσάρων δυνάμεων διὰ τὸ μέλλον τῆς πόλεως.

Ὁ καγκελάριος κ. Μπράντ ἐδήλωσεν ὅτι ἡ κυβέρνησις θὰ ἐπιδιώξῃ τὴν ἀποφυγὴν κάθε ἐνεργείας ἡ ὁποία θὰ ἠδύνατο νὰ θεωρηθῇ ὡς πρόκλησις, εἰς τρόπον ὥστε νὰ διευκολυνθοῦν αἱ διαπραγματεύσεις τῶν τεσσάρων δυνάμεων διὰ τὸ μέλλον τῆς πόλεως.

ΕΠΙΤΡΟΠΗ ΤΟΥ ΟΗΕ ΖΗΤΕΙ ΤΟΝ ΠΕΡΙΟΡΙΣΜΟΝ ΤΩΝ ΚΕΝΤΡΙΚΩΝ ΔΕΞΑΜΕΝΩΝ ΥΠΕΡΤΑΝΚΕΡΣ

Ὁ καγκελάριος κ. Μπράντ ἐδήλωσεν ὅτι ἡ κυβέρνησις θὰ ἐπιδιώξῃ τὴν ἀποφυγὴν κάθε ἐνεργείας ἡ ὁποία θὰ ἠδύνατο νὰ θεωρηθῇ ὡς πρόκλησις, εἰς τρόπον ὥστε νὰ διευκολυνθοῦν αἱ διαπραγματεύσεις τῶν τεσσάρων δυνάμεων διὰ τὸ μέλλον τῆς πόλεως.

Ὁ καγκελάριος κ. Μπράντ ἐδήλωσεν ὅτι ἡ κυβέρνησις θὰ ἐπιδιώξῃ τὴν ἀποφυγὴν κάθε ἐνεργείας ἡ ὁποία θὰ ἠδύνατο νὰ θεωρηθῇ ὡς πρόκλησις, εἰς τρόπον ὥστε νὰ διευκολυνθοῦν αἱ διαπραγματεύσεις τῶν τεσσάρων δυνάμεων διὰ τὸ μέλλον τῆς πόλεως.

Η ΟΥΑΣΙΓΚΤΩΝ ΕΛΑΒΕΝ ΥΠΟ ΣΗΜΕΙΩΣΙΝ ΤΗΝ ΠΑΡΑΒΙΑΣΙΝ ΤΗΣ ΕΝ ΜΟΣΧΑ ΠΡΕΣΒΕΙΑΣ

Ὁ καγκελάριος κ. Μπράντ ἐδήλωσεν ὅτι ἡ κυβέρνησις θὰ ἐπιδιώξῃ τὴν ἀποφυγὴν κάθε ἐνεργείας ἡ ὁποία θὰ ἠδύνατο νὰ θεωρηθῇ ὡς πρόκλησις, εἰς τρόπον ὥστε νὰ διευκολυνθοῦν αἱ διαπραγματεύσεις τῶν τεσσάρων δυνάμεων διὰ τὸ μέλλον τῆς πόλεως.

55% ΤΩΝ ΓΑΛΛΩΝ «ΕΓΚΡΙΝΟΥΝ» ΤΟΝ Κ. ΠΟΜΠΙΝΤΟΥ

Ὁ καγκελάριος κ. Μπράντ ἐδήλωσεν ὅτι ἡ κυβέρνησις θὰ ἐπιδιώξῃ τὴν ἀποφυγὴν κάθε ἐνεργείας ἡ ὁποία θὰ ἠδύνατο νὰ θεωρηθῇ ὡς πρόκλησις, εἰς τρόπον ὥστε νὰ διευκολυνθοῦν αἱ διαπραγματεύσεις τῶν τεσσάρων δυνάμεων διὰ τὸ μέλλον τῆς πόλεως.

Η ΚΙΝΑ ΠΡΟΘΥΜΟΣ ΚΑΤΑ ΤΟΥΣ ΙΤΑΛΟΥΣ ΝΑ ΑΥΞΗΣΗ ΤΑΣ ΣΥΝΑΛΛΑΓΑΣ ΜΕΤΑ ΤΗΣ ΕΟΚ

Ὁ καγκελάριος κ. Μπράντ ἐδήλωσεν ὅτι ἡ κυβέρνησις θὰ ἐπιδιώξῃ τὴν ἀποφυγὴν κάθε ἐνεργείας ἡ ὁποία θὰ ἠδύνατο νὰ θεωρηθῇ ὡς πρόκλησις, εἰς τρόπον ὥστε νὰ διευκολυνθοῦν αἱ διαπραγματεύσεις τῶν τεσσάρων δυνάμεων διὰ τὸ μέλλον τῆς πόλεως.

Ὁ καγκελάριος κ. Μπράντ ἐδήλωσεν ὅτι ἡ κυβέρνησις θὰ ἐπιδιώξῃ τὴν ἀποφυγὴν κάθε ἐνεργείας ἡ ὁποία θὰ ἠδύνατο νὰ θεωρηθῇ ὡς πρόκλησις, εἰς τρόπον ὥστε νὰ διευκολυνθοῦν αἱ διαπραγματεύσεις τῶν τεσσάρων δυνάμεων διὰ τὸ μέλλον τῆς πόλεως.
